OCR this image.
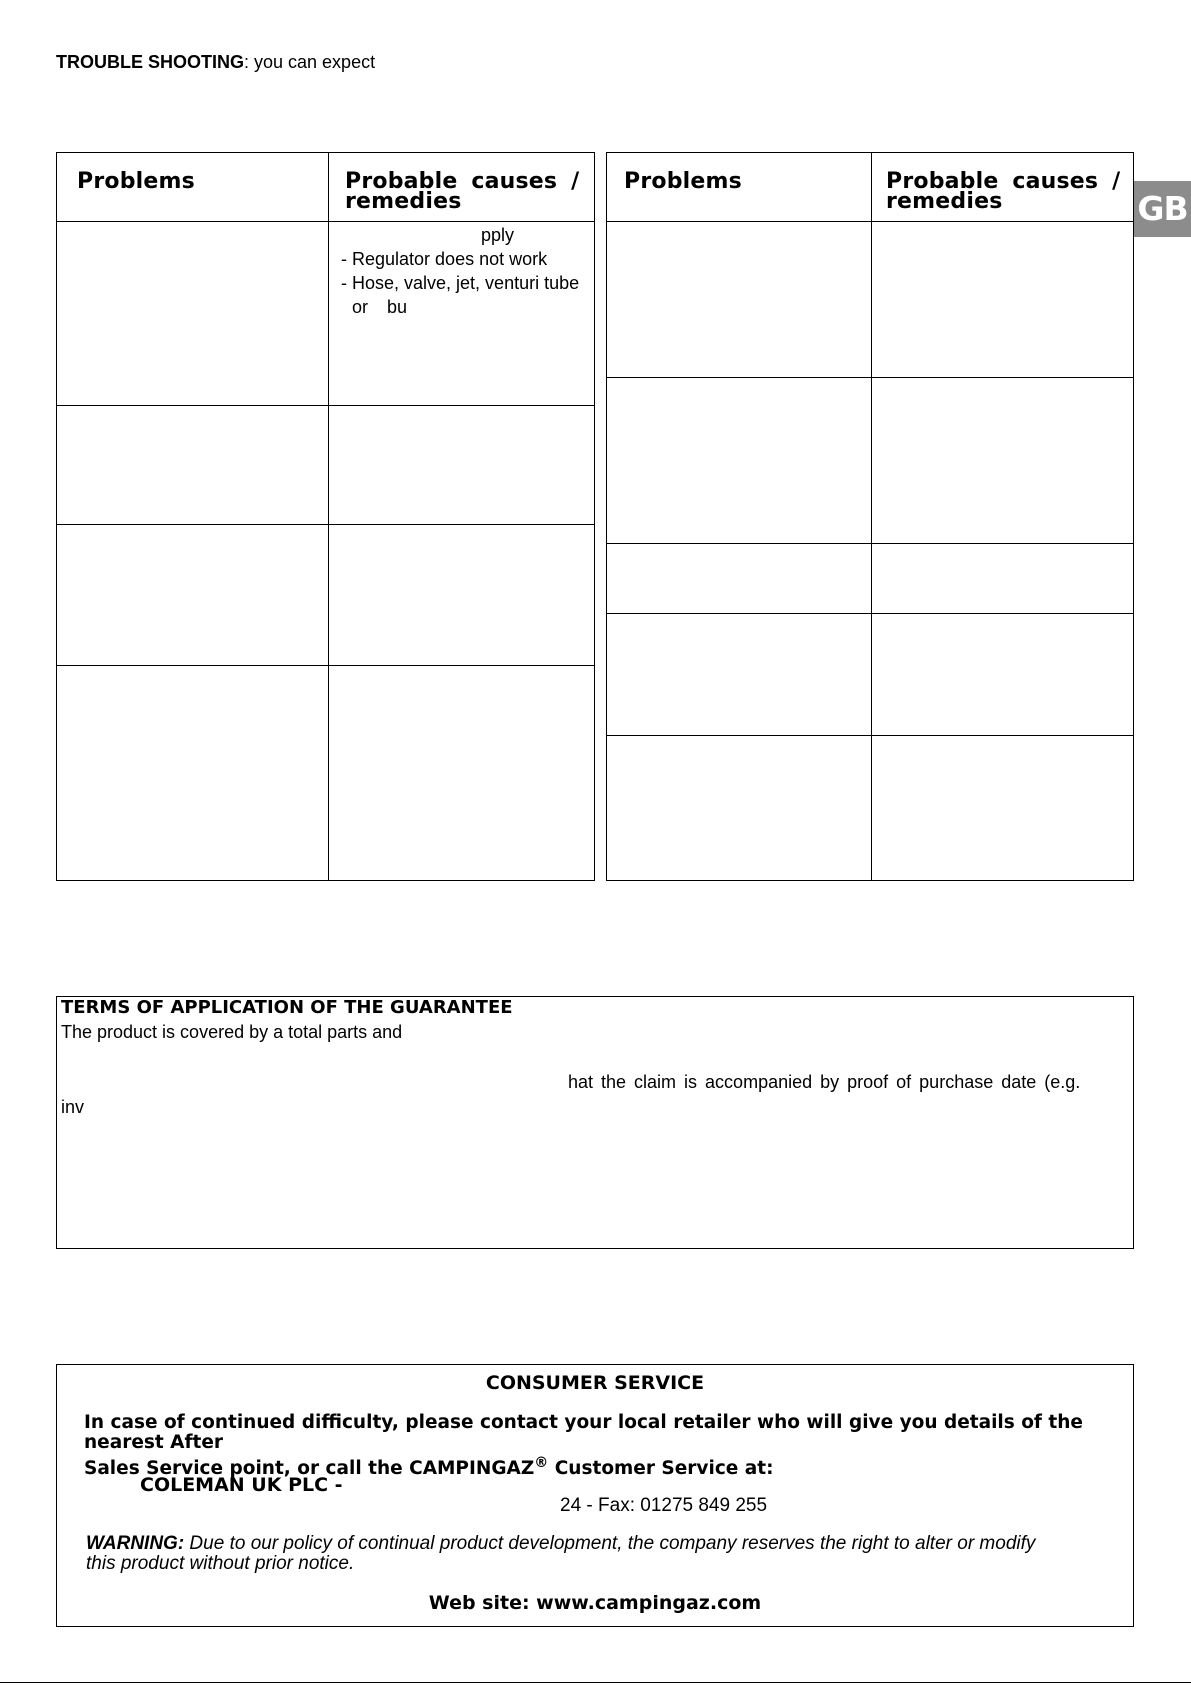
TROUBLE SHOOTING: you can expect
Problems	Probable causes /
remedies
pply
- Regulator does not work
- Hose, valve, jet, venturi tube
or bu
Problems	Probable causes /
remedies	GB
TERMS OF APPLICATION OF THE GUARANTEE
The product is covered by a total parts and
hat the claim is accompanied by proof of purchase date (e.g.
inv
CONSUMER SERVICE
In case of continued difficulty, please contact your local retailer who will give you details of the nearest After
Sales Service point, or call the CAMPINGAZ® Customer Service at:
COLEMAN UK PLC -
24 - Fax: 01275 849 255
WARNING: Due to our policy of continual product development, the company reserves the right to alter or modify
this product without prior notice.
Web site: www.campingaz.com
